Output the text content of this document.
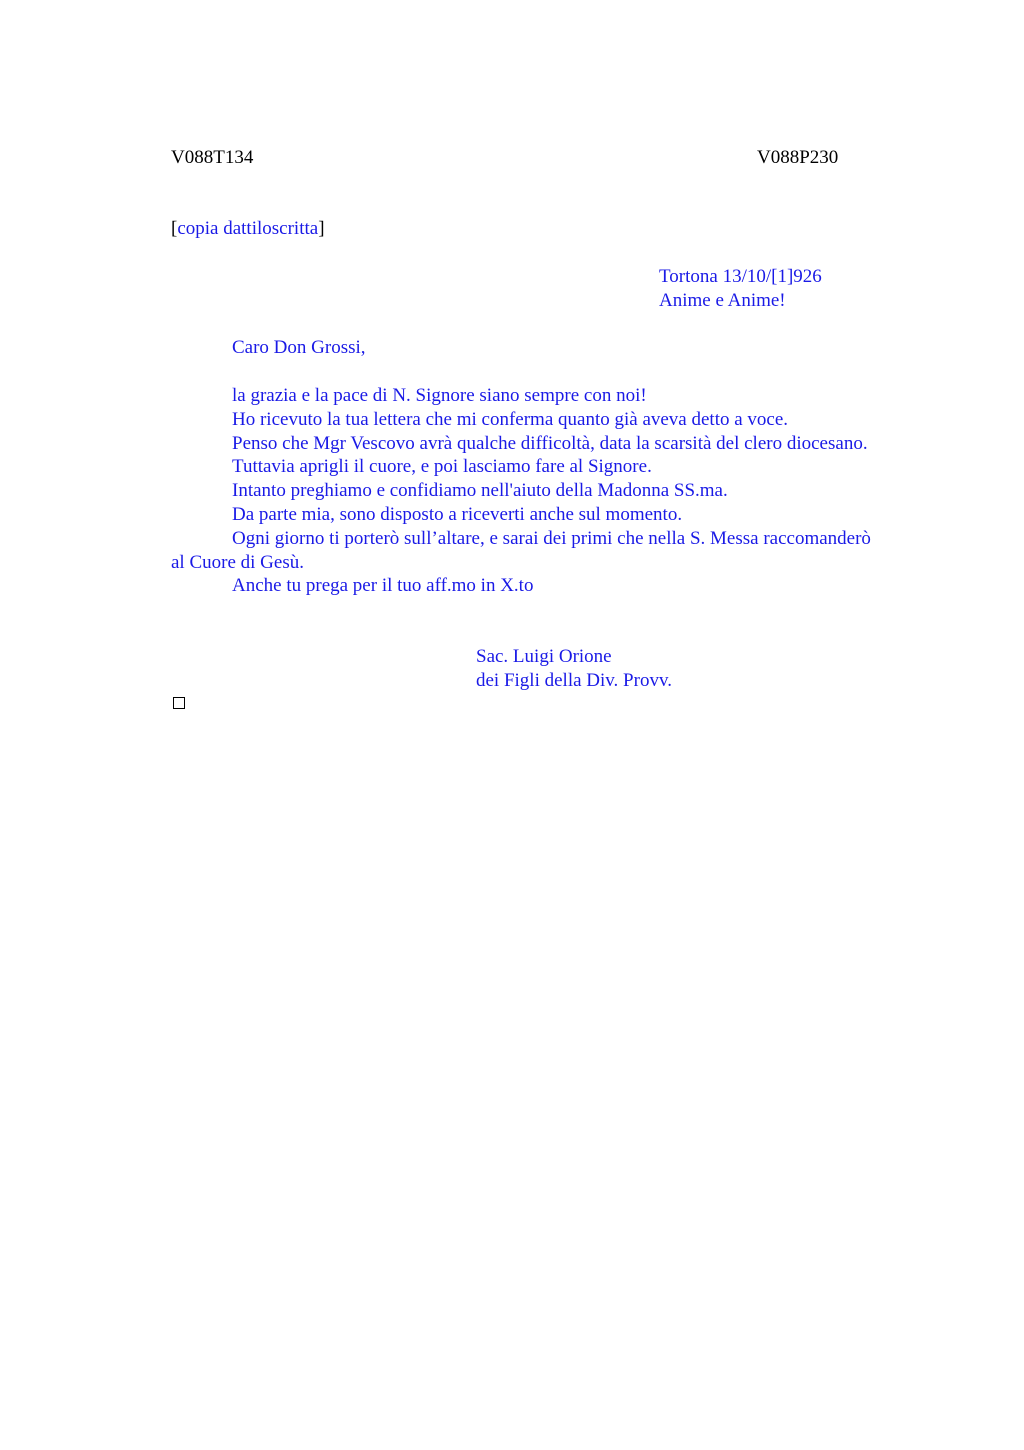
V088T134	V088P230
[copia dattiloscritta]
Tortona 13/10/[1]926
Anime e Anime!
Caro Don Grossi,
la grazia e la pace di N. Signore siano sempre con noi!
Ho ricevuto la tua lettera che mi conferma quanto già aveva detto a voce.
Penso che Mgr Vescovo avrà qualche difficoltà, data la scarsità del clero diocesano.
Tuttavia aprigli il cuore, e poi lasciamo fare al Signore.
Intanto preghiamo e confidiamo nell'aiuto della Madonna SS.ma.
Da parte mia, sono disposto a riceverti anche sul momento.
Ogni giorno ti porterò sull’altare, e sarai dei primi che nella S. Messa raccomanderò
al Cuore di Gesù.
Anche tu prega per il tuo aff.mo in X.to
Sac. Luigi Orione
dei Figli della Div. Provv.
